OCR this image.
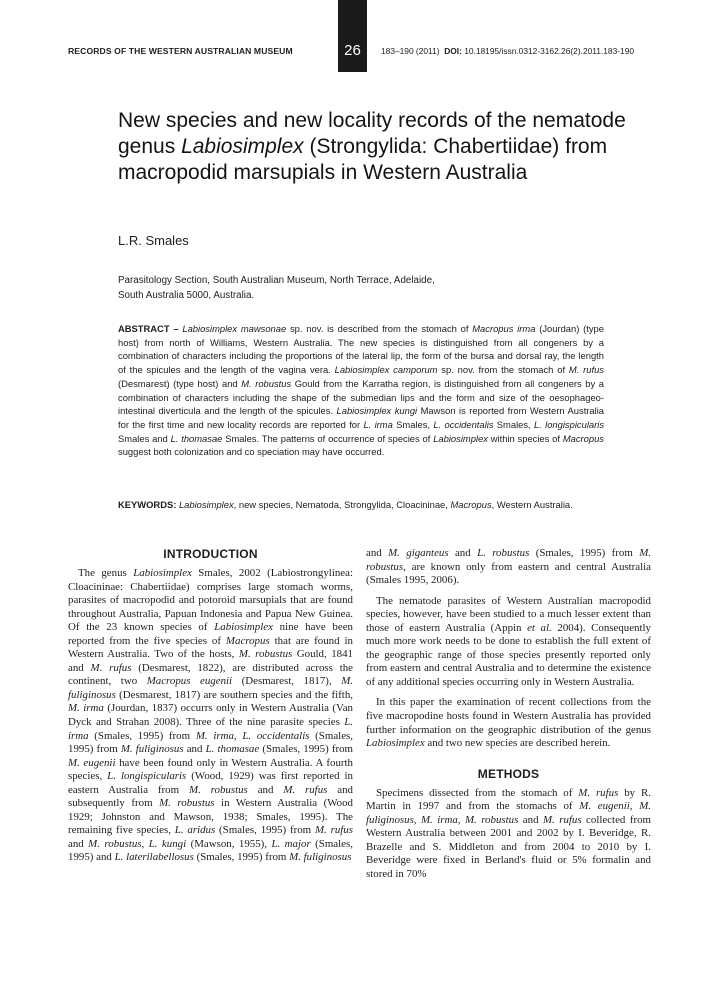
26
RECORDS OF THE WESTERN AUSTRALIAN MUSEUM	183–190 (2011) DOI: 10.18195/issn.0312-3162.26(2).2011.183-190
New species and new locality records of the nematode genus Labiosimplex (Strongylida: Chabertiidae) from macropodid marsupials in Western Australia
L.R. Smales
Parasitology Section, South Australian Museum, North Terrace, Adelaide,
South Australia 5000, Australia.

ABSTRACT – Labiosimplex mawsonae sp. nov. is described from the stomach of Macropus irma (Jourdan) (type host) from north of Williams, Western Australia. The new species is distinguished from all congeners by a combination of characters including the proportions of the lateral lip, the form of the bursa and dorsal ray, the length of the spicules and the length of the vagina vera. Labiosimplex camporum sp. nov. from the stomach of M. rufus (Desmarest) (type host) and M. robustus Gould from the Karratha region, is distinguished from all congeners by a combination of characters including the shape of the submedian lips and the form and size of the oesophageo-intestinal diverticula and the length of the spicules. Labiosimplex kungi Mawson is reported from Western Australia for the first time and new locality records are reported for L. irma Smales, L. occidentalis Smales, L. longispicularis Smales and L. thomasae Smales. The patterns of occurrence of species of Labiosimplex within species of Macropus suggest both colonization and co speciation may have occurred.

KEYWORDS: Labiosimplex, new species, Nematoda, Strongylida, Cloacininae, Macropus, Western Australia.

INTRODUCTION

The genus Labiosimplex Smales, 2002 (Labiostrongylinea: Cloacininae: Chabertiidae) comprises large stomach worms, parasites of macropodid and potoroid marsupials that are found throughout Australia, Papuan Indonesia and Papua New Guinea. Of the 23 known species of Labiosimplex nine have been reported from the five species of Macropus that are found in Western Australia. Two of the hosts, M. robustus Gould, 1841 and M. rufus (Desmarest, 1822), are distributed across the continent, two Macropus eugenii (Desmarest, 1817), M. fuliginosus (Desmarest, 1817) are southern species and the fifth, M. irma (Jourdan, 1837) occurrs only in Western Australia (Van Dyck and Strahan 2008). Three of the nine parasite species L. irma (Smales, 1995) from M. irma, L. occidentalis (Smales, 1995) from M. fuliginosus and L. thomasae (Smales, 1995) from M. eugenii have been found only in Western Australia. A fourth species, L. longispicularis (Wood, 1929) was first reported in eastern Australia from M. robustus and M. rufus and subsequently from M. robustus in Western Australia (Wood 1929; Johnston and Mawson, 1938; Smales, 1995). The remaining five species, L. aridus (Smales, 1995) from M. rufus and M. robustus, L. kungi (Mawson, 1955), L. major (Smales, 1995) and L. laterilabellosus (Smales, 1995) from M. fuliginosus

and M. giganteus and L. robustus (Smales, 1995) from M. robustus, are known only from eastern and central Australia (Smales 1995, 2006).

The nematode parasites of Western Australian macropodid species, however, have been studied to a much lesser extent than those of eastern Australia (Appin et al. 2004). Consequently much more work needs to be done to establish the full extent of the geographic range of those species presently reported only from eastern and central Australia and to determine the existence of any additional species occurring only in Western Australia.

In this paper the examination of recent collections from the five macropodine hosts found in Western Australia has provided further information on the geographic distribution of the genus Labiosimplex and two new species are described herein.

METHODS

Specimens dissected from the stomach of M. rufus by R. Martin in 1997 and from the stomachs of M. eugenii, M. fuliginosus, M. irma, M. robustus and M. rufus collected from Western Australia between 2001 and 2002 by I. Beveridge, R. Brazelle and S. Middleton and from 2004 to 2010 by I. Beveridge were fixed in Berland's fluid or 5% formalin and stored in 70%
